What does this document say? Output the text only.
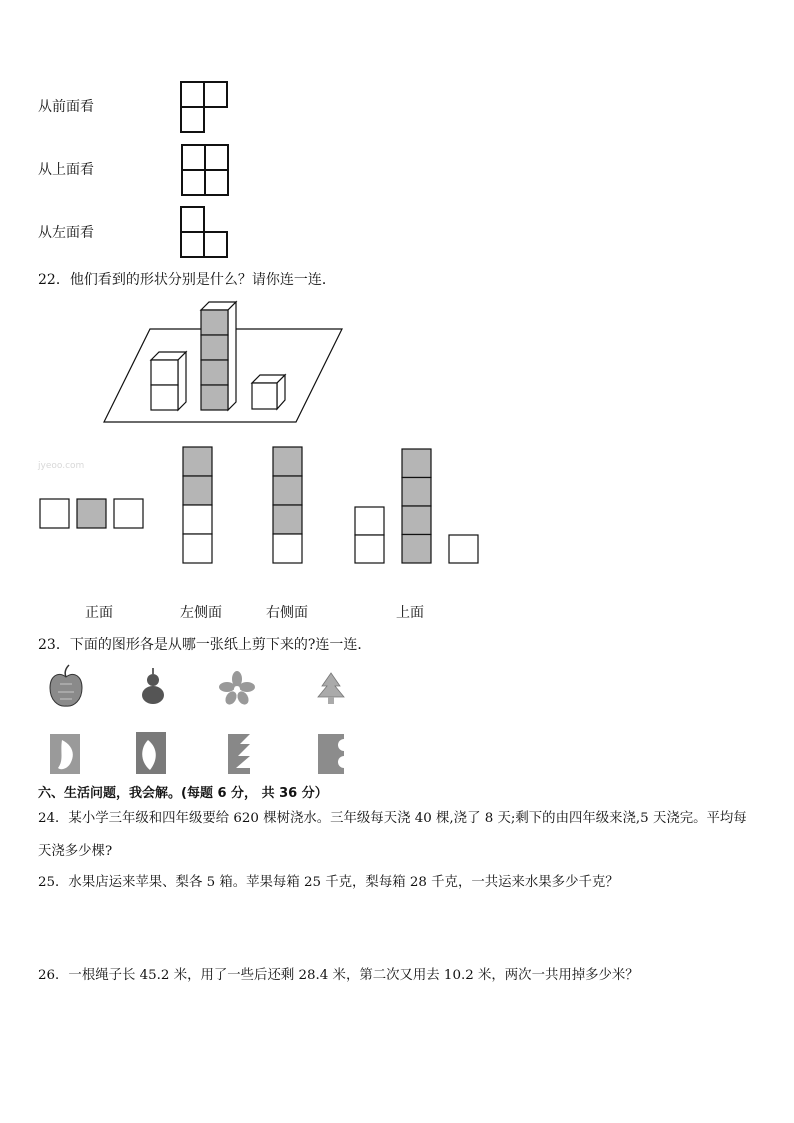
从前面看
从上面看
从左面看
22．他们看到的形状分别是什么？请你连一连．
jyeoo.com
正面	左侧面	右侧面	上面
23．下面的图形各是从哪一张纸上剪下来的?连一连．
六、生活问题，我会解。(每题 6 分， 共 36 分）
24．某小学三年级和四年级要给 620 棵树浇水。三年级每天浇 40 棵,浇了 8 天;剩下的由四年级来浇,5 天浇完。平均每
天浇多少棵?
25．水果店运来苹果、梨各 5 箱。苹果每箱 25 千克，梨每箱 28 千克，一共运来水果多少千克？
26．一根绳子长 45.2 米，用了一些后还剩 28.4 米，第二次又用去 10.2 米，两次一共用掉多少米？
